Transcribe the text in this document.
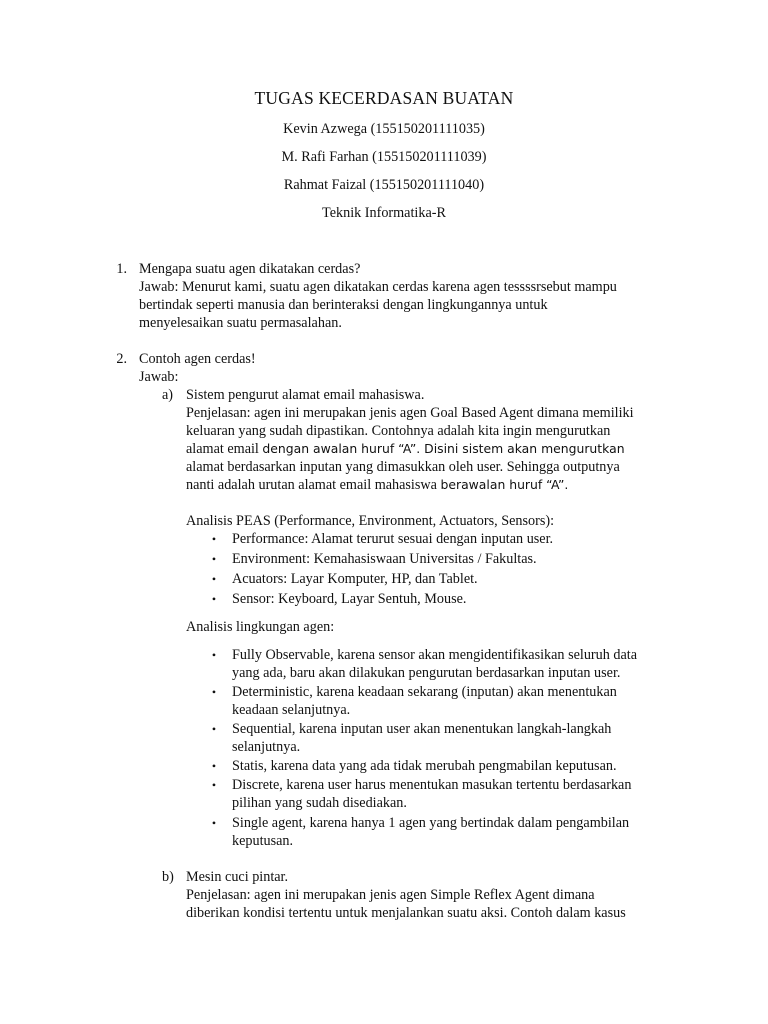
TUGAS KECERDASAN BUATAN
Kevin Azwega (155150201111035)
M. Rafi Farhan (155150201111039)
Rahmat Faizal (155150201111040)
Teknik Informatika-R
1. Mengapa suatu agen dikatakan cerdas?
Jawab: Menurut kami, suatu agen dikatakan cerdas karena agen tessssrsebut mampu
bertindak seperti manusia dan berinteraksi dengan lingkungannya untuk
menyelesaikan suatu permasalahan.
2. Contoh agen cerdas!
Jawab:
a) Sistem pengurut alamat email mahasiswa.
Penjelasan: agen ini merupakan jenis agen Goal Based Agent dimana memiliki
keluaran yang sudah dipastikan. Contohnya adalah kita ingin mengurutkan
alamat email dengan awalan huruf “A”. Disini sistem akan mengurutkan
alamat berdasarkan inputan yang dimasukkan oleh user. Sehingga outputnya
nanti adalah urutan alamat email mahasiswa berawalan huruf “A”.
Analisis PEAS (Performance, Environment, Actuators, Sensors):
• Performance: Alamat terurut sesuai dengan inputan user.
• Environment: Kemahasiswaan Universitas / Fakultas.
• Acuators: Layar Komputer, HP, dan Tablet.
• Sensor: Keyboard, Layar Sentuh, Mouse.
Analisis lingkungan agen:
• Fully Observable, karena sensor akan mengidentifikasikan seluruh data
yang ada, baru akan dilakukan pengurutan berdasarkan inputan user.
• Deterministic, karena keadaan sekarang (inputan) akan menentukan
keadaan selanjutnya.
• Sequential, karena inputan user akan menentukan langkah-langkah
selanjutnya.
• Statis, karena data yang ada tidak merubah pengmabilan keputusan.
• Discrete, karena user harus menentukan masukan tertentu berdasarkan
pilihan yang sudah disediakan.
• Single agent, karena hanya 1 agen yang bertindak dalam pengambilan
keputusan.
b) Mesin cuci pintar.
Penjelasan: agen ini merupakan jenis agen Simple Reflex Agent dimana
diberikan kondisi tertentu untuk menjalankan suatu aksi. Contoh dalam kasus
